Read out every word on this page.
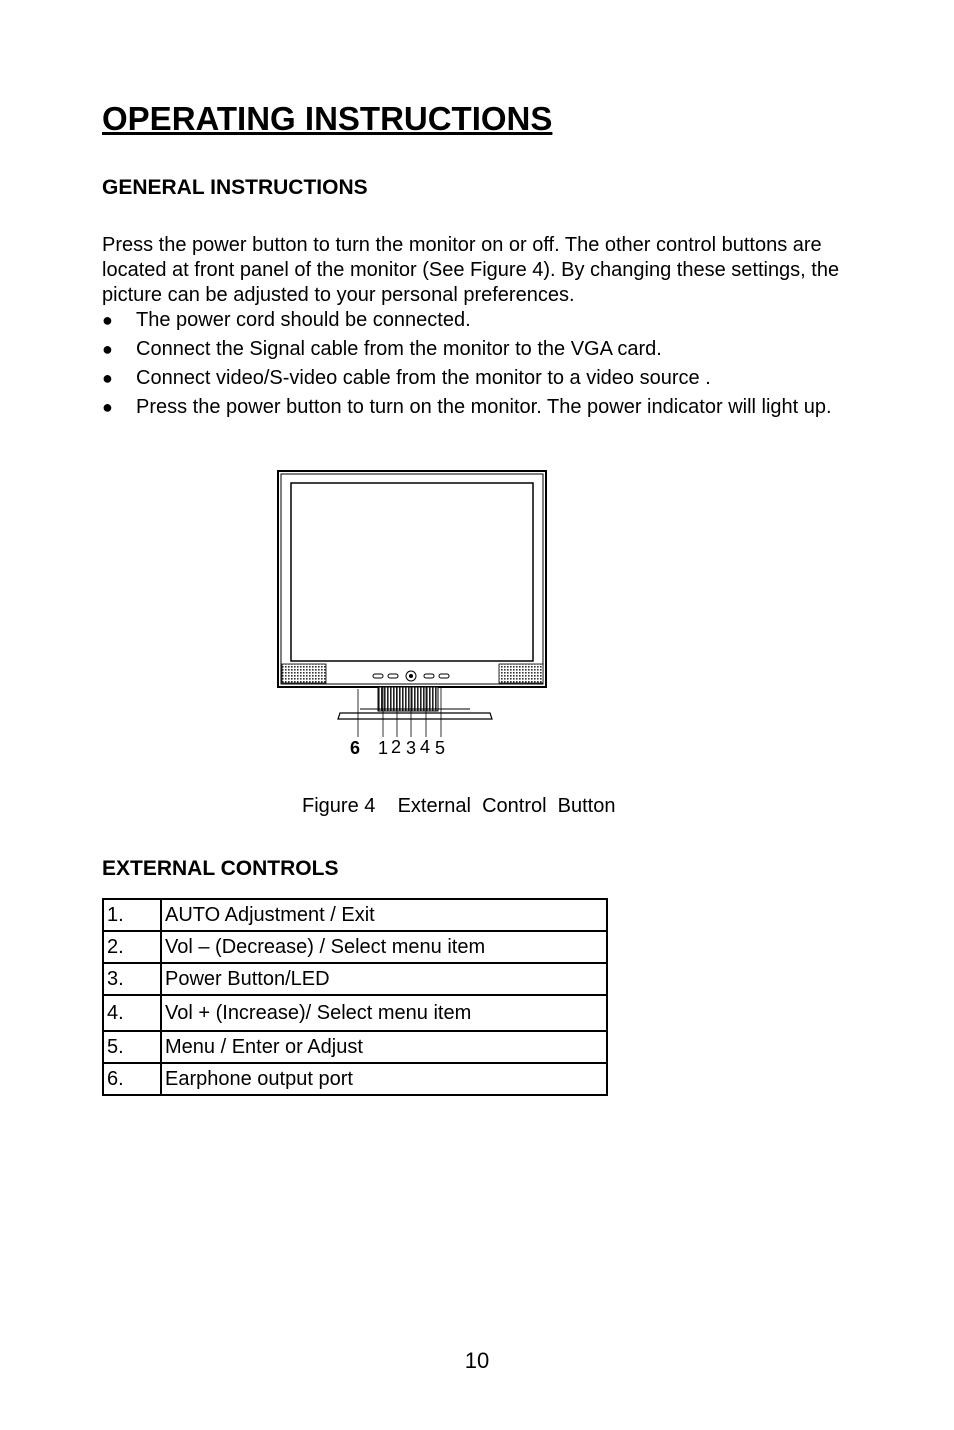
OPERATING INSTRUCTIONS
GENERAL INSTRUCTIONS
Press the power button to turn the monitor on or off. The other control buttons are located at front panel of the monitor (See Figure 4). By changing these settings, the picture can be adjusted to your personal preferences.
● The power cord should be connected.
● Connect the Signal cable from the monitor to the VGA card.
● Connect video/S-video cable from the monitor to a video source .
● Press the power button to turn on the monitor. The power indicator will light up.
6 1 2 3 4 5
Figure 4    External  Control  Button
EXTERNAL CONTROLS
1.	AUTO Adjustment / Exit
2.	Vol – (Decrease) / Select menu item
3.	Power Button/LED
4.	Vol + (Increase)/ Select menu item
5.	Menu / Enter or Adjust
6.	Earphone output port
10
